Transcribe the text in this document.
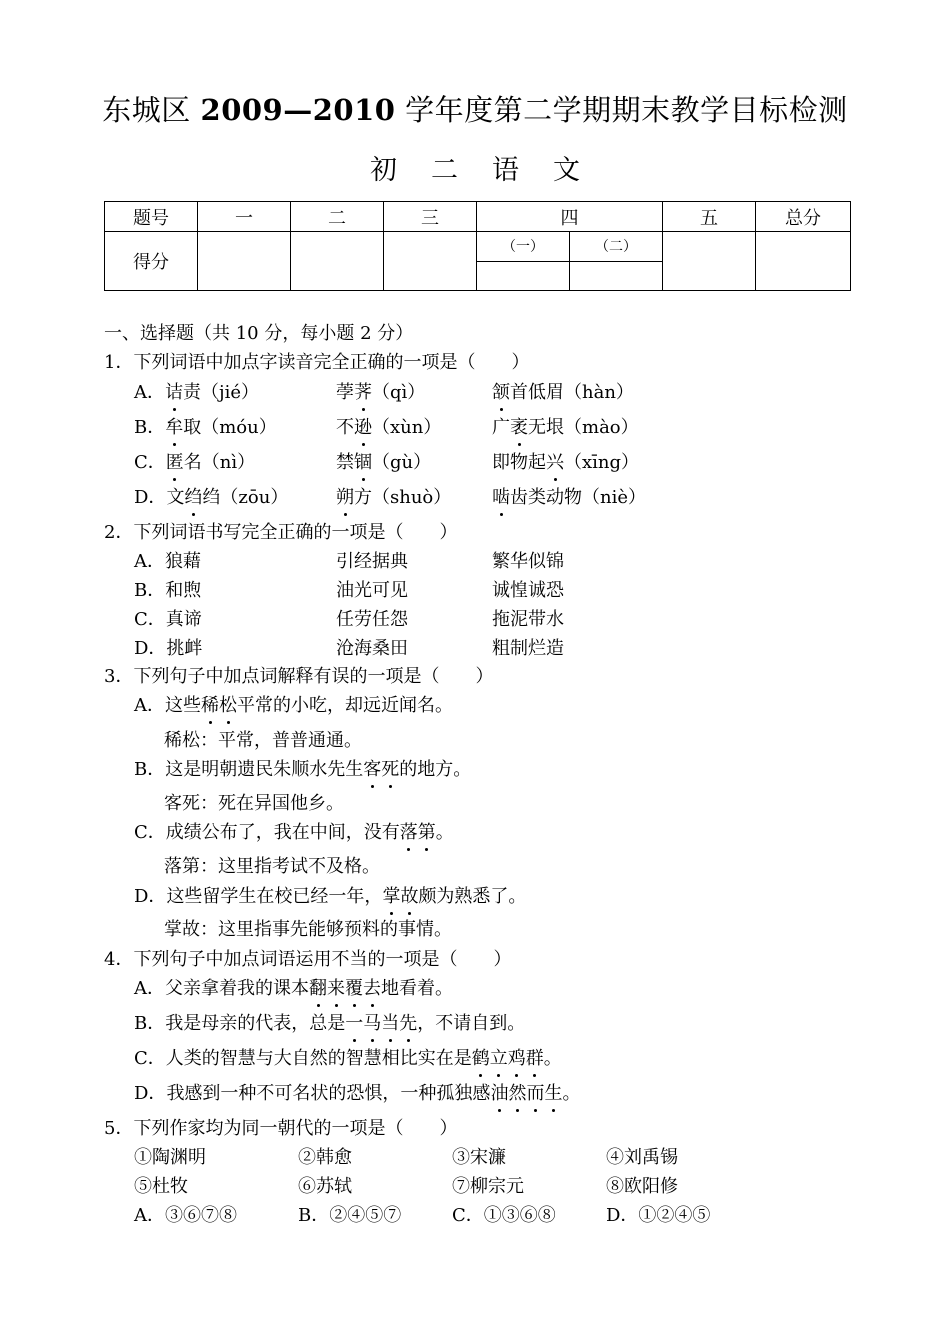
东城区 2009—2010 学年度第二学期期末教学目标检测
初 二 语 文
题号	一	二	三	四		五	总分
得分				（一）	（二）		

一、选择题（共 10 分，每小题 2 分）
1．下列词语中加点字读音完全正确的一项是（　　）
A．诘责（jié）	荸荠（qì）	颔首低眉（hàn）
B．牟取（móu）	不逊（xùn）	广袤无垠（mào）
C．匿名（nì）	禁锢（gù）	即物起兴（xīng）
D．文绉绉（zōu）	朔方（shuò） 啮齿类动物（niè）
2．下列词语书写完全正确的一项是（　　）
A．狼藉	引经据典	繁华似锦
B．和煦	油光可见	诚惶诚恐
C．真谛	任劳任怨	拖泥带水
D．挑衅	沧海桑田	粗制烂造
3．下列句子中加点词解释有误的一项是（　　）
A．这些稀松平常的小吃，却远近闻名。
稀松：平常，普普通通。
B．这是明朝遗民朱顺水先生客死的地方。
客死：死在异国他乡。
C．成绩公布了，我在中间，没有落第。
落第：这里指考试不及格。
D．这些留学生在校已经一年，掌故颇为熟悉了。
掌故：这里指事先能够预料的事情。
4．下列句子中加点词语运用不当的一项是（　　）
A．父亲拿着我的课本翻来覆去地看着。
B．我是母亲的代表，总是一马当先，不请自到。
C．人类的智慧与大自然的智慧相比实在是鹤立鸡群。
D．我感到一种不可名状的恐惧，一种孤独感油然而生。
5．下列作家均为同一朝代的一项是（　　）
①陶渊明	②韩愈	③宋濂	④刘禹锡
⑤杜牧	⑥苏轼	⑦柳宗元	⑧欧阳修
A．③⑥⑦⑧	B．②④⑤⑦	C．①③⑥⑧	D．①②④⑤
